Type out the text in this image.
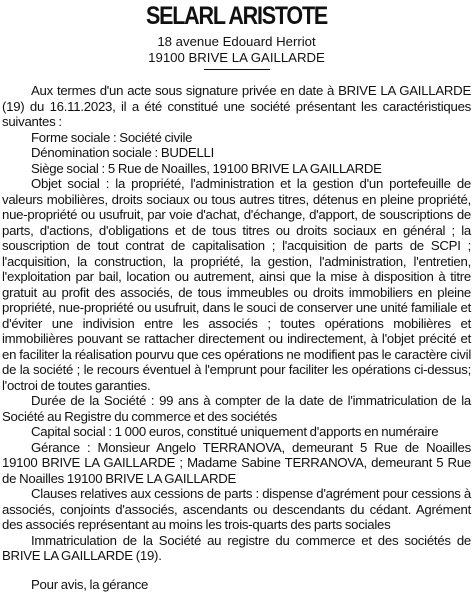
SELARL ARISTOTE
18 avenue Edouard Herriot
19100 BRIVE LA GAILLARDE

Aux termes d'un acte sous signature privée en date à BRIVE LA GAILLARDE (19) du 16.11.2023, il a été constitué une société présentant les caractéristiques suivantes :

Forme sociale : Société civile

Dénomination sociale : BUDELLI

Siège social : 5 Rue de Noailles, 19100 BRIVE LA GAILLARDE

Objet social : la propriété, l'administration et la gestion d'un portefeuille de valeurs mobilières, droits sociaux ou tous autres titres, détenus en pleine propriété, nue-propriété ou usufruit, par voie d'achat, d'échange, d'apport, de souscriptions de parts, d'actions, d'obligations et de tous titres ou droits sociaux en général ; la souscription de tout contrat de capitalisation ; l'acquisition de parts de SCPI ; l'acquisition, la construction, la propriété, la gestion, l'administration, l'entretien, l'exploitation par bail, location ou autrement, ainsi que la mise à disposition à titre gratuit au profit des associés, de tous immeubles ou droits immobiliers en pleine propriété, nue-propriété ou usufruit, dans le souci de conserver une unité familiale et d'éviter une indivision entre les associés ; toutes opérations mobilières et immobilières pouvant se rattacher directement ou indirectement, à l'objet précité et en faciliter la réalisation pourvu que ces opérations ne modifient pas le caractère civil de la société ; le recours éventuel à l'emprunt pour faciliter les opérations ci-dessus; l'octroi de toutes garanties.

Durée de la Société : 99 ans à compter de la date de l'immatriculation de la Société au Registre du commerce et des sociétés

Capital social : 1 000 euros, constitué uniquement d'apports en numéraire

Gérance : Monsieur Angelo TERRANOVA, demeurant 5 Rue de Noailles 19100 BRIVE LA GAILLARDE ; Madame Sabine TERRANOVA, demeurant 5 Rue de Noailles 19100 BRIVE LA GAILLARDE

Clauses relatives aux cessions de parts : dispense d'agrément pour cessions à associés, conjoints d'associés, ascendants ou descendants du cédant. Agrément des associés représentant au moins les trois-quarts des parts sociales

Immatriculation de la Société au registre du commerce et des sociétés de BRIVE LA GAILLARDE (19).

Pour avis, la gérance
